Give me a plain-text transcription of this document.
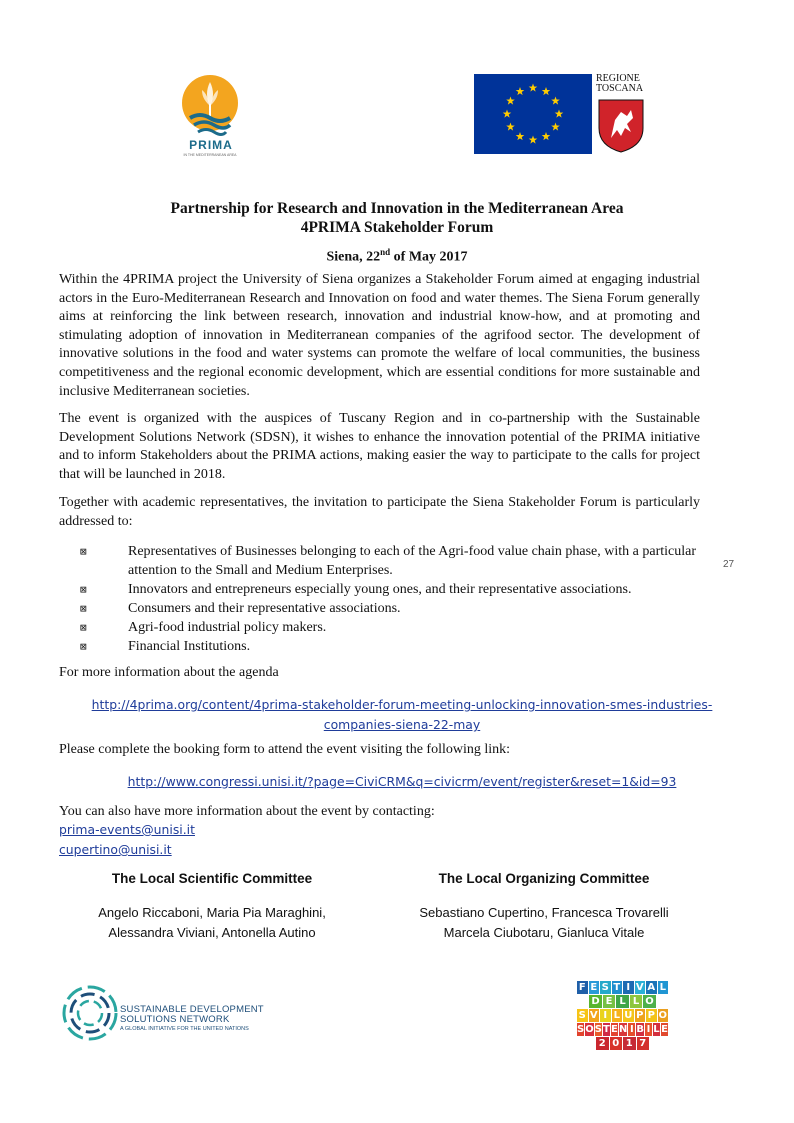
PRIMA
IN THE MEDITERRANEAN AREA
REGIONE
TOSCANA
Partnership for Research and Innovation in the Mediterranean Area
4PRIMA Stakeholder Forum
Siena, 22nd of May 2017
Within the 4PRIMA project the University of Siena organizes a Stakeholder Forum aimed at engaging industrial actors in the Euro-Mediterranean Research and Innovation on food and water themes. The Siena Forum generally aims at reinforcing the link between research, innovation and industrial know-how, and at promoting and stimulating adoption of innovation in Mediterranean companies of the agrifood sector. The development of innovative solutions in the food and water systems can promote the welfare of local communities, the business competitiveness and the regional economic development, which are essential conditions for more sustainable and inclusive Mediterranean societies.
The event is organized with the auspices of Tuscany Region and in co-partnership with the Sustainable Development Solutions Network (SDSN), it wishes to enhance the innovation potential of the PRIMA initiative and to inform Stakeholders about the PRIMA actions, making easier the way to participate to the calls for project that will be launched in 2018.
Together with academic representatives, the invitation to participate the Siena Stakeholder Forum is particularly addressed to:
⊠	Representatives of Businesses belonging to each of the Agri-food value chain phase, with a particular attention to the Small and Medium Enterprises.
⊠	Innovators and entrepreneurs especially young ones, and their representative associations.
⊠	Consumers and their representative associations.
⊠	Agri-food industrial policy makers.
⊠	Financial Institutions.
27
For more information about the agenda
http://4prima.org/content/4prima-stakeholder-forum-meeting-unlocking-innovation-smes-industries-
companies-siena-22-may
Please complete the booking form to attend the event visiting the following link:
http://www.congressi.unisi.it/?page=CiviCRM&q=civicrm/event/register&reset=1&id=93
You can also have more information about the event by contacting:
prima-events@unisi.it
cupertino@unisi.it
The Local Scientific Committee
Angelo Riccaboni, Maria Pia Maraghini,
Alessandra Viviani, Antonella Autino
The Local Organizing Committee
Sebastiano Cupertino, Francesca Trovarelli
Marcela Ciubotaru, Gianluca Vitale
SUSTAINABLE DEVELOPMENT
SOLUTIONS NETWORK
A GLOBAL INITIATIVE FOR THE UNITED NATIONS
F E S T I V A L
D E L L O
S V I L U P P O
S O S T E N I B I L E
2 0 1 7
